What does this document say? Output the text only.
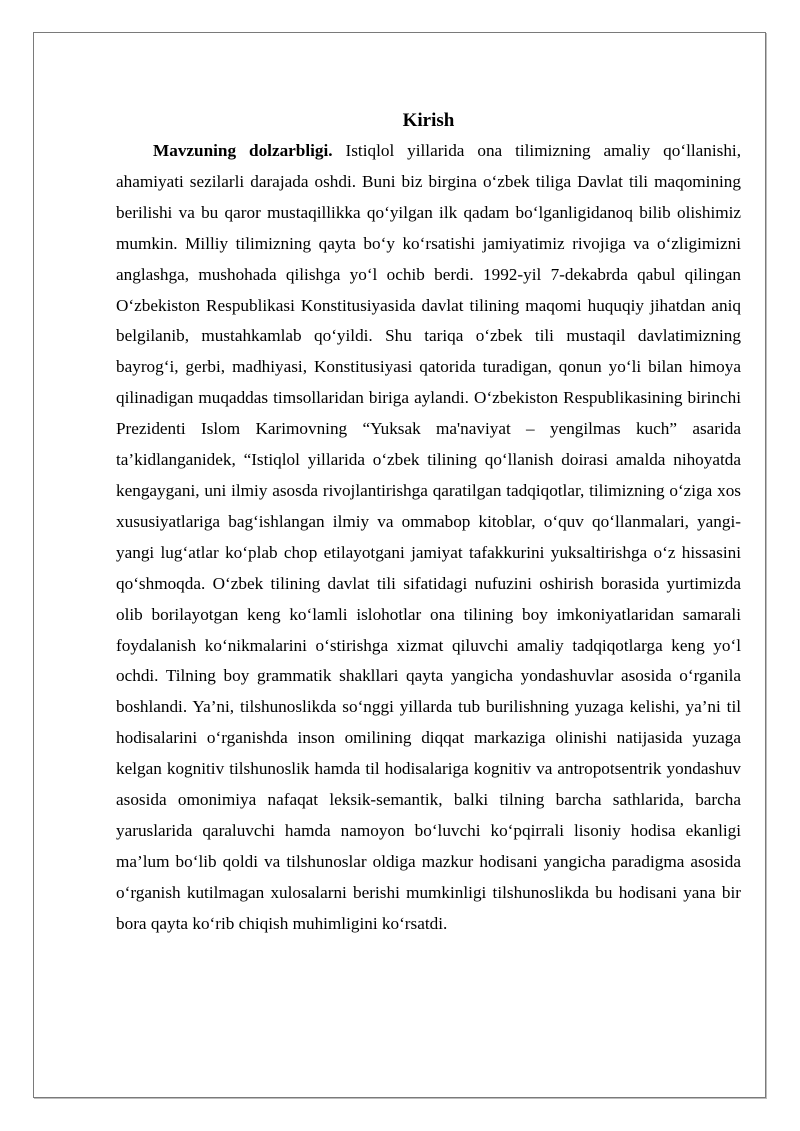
Kirish

Mavzuning dolzarbligi. Istiqlol yillarida ona tilimizning amaliy qo‘llanishi, ahamiyati sezilarli darajada oshdi. Buni biz birgina o‘zbek tiliga Davlat tili maqomining berilishi va bu qaror mustaqillikka qo‘yilgan ilk qadam bo‘lganligidanoq bilib olishimiz mumkin. Milliy tilimizning qayta bo‘y ko‘rsatishi jamiyatimiz rivojiga va o‘zligimizni anglashga, mushohada qilishga yo‘l ochib berdi. 1992-yil 7-dekabrda qabul qilingan O‘zbekiston Respublikasi Konstitusiyasida davlat tilining maqomi huquqiy jihatdan aniq belgilanib, mustahkamlab qo‘yildi. Shu tariqa o‘zbek tili mustaqil davlatimizning bayrog‘i, gerbi, madhiyasi, Konstitusiyasi qatorida turadigan, qonun yo‘li bilan himoya qilinadigan muqaddas timsollaridan biriga aylandi. O‘zbekiston Respublikasining birinchi Prezidenti Islom Karimovning “Yuksak ma'naviyat – yengilmas kuch” asarida ta’kidlanganidek, “Istiqlol yillarida o‘zbek tilining qo‘llanish doirasi amalda nihoyatda kengaygani, uni ilmiy asosda rivojlantirishga qaratilgan tadqiqotlar, tilimizning o‘ziga xos xususiyatlariga bag‘ishlangan ilmiy va ommabop kitoblar, o‘quv qo‘llanmalari, yangi-yangi lug‘atlar ko‘plab chop etilayotgani jamiyat tafakkurini yuksaltirishga o‘z hissasini qo‘shmoqda. O‘zbek tilining davlat tili sifatidagi nufuzini oshirish borasida yurtimizda olib borilayotgan keng ko‘lamli islohotlar ona tilining boy imkoniyatlaridan samarali foydalanish ko‘nikmalarini o‘stirishga xizmat qiluvchi amaliy tadqiqotlarga keng yo‘l ochdi. Tilning boy grammatik shakllari qayta yangicha yondashuvlar asosida o‘rganila boshlandi. Ya’ni, tilshunoslikda so‘nggi yillarda tub burilishning yuzaga kelishi, ya’ni til hodisalarini o‘rganishda inson omilining diqqat markaziga olinishi natijasida yuzaga kelgan kognitiv tilshunoslik hamda til hodisalariga kognitiv va antropotsentrik yondashuv asosida omonimiya nafaqat leksik-semantik, balki tilning barcha sathlarida, barcha yaruslarida qaraluvchi hamda namoyon bo‘luvchi ko‘pqirrali lisoniy hodisa ekanligi ma’lum bo‘lib qoldi va tilshunoslar oldiga mazkur hodisani yangicha paradigma asosida o‘rganish kutilmagan xulosalarni berishi mumkinligi tilshunoslikda bu hodisani yana bir bora qayta ko‘rib chiqish muhimligini ko‘rsatdi.
